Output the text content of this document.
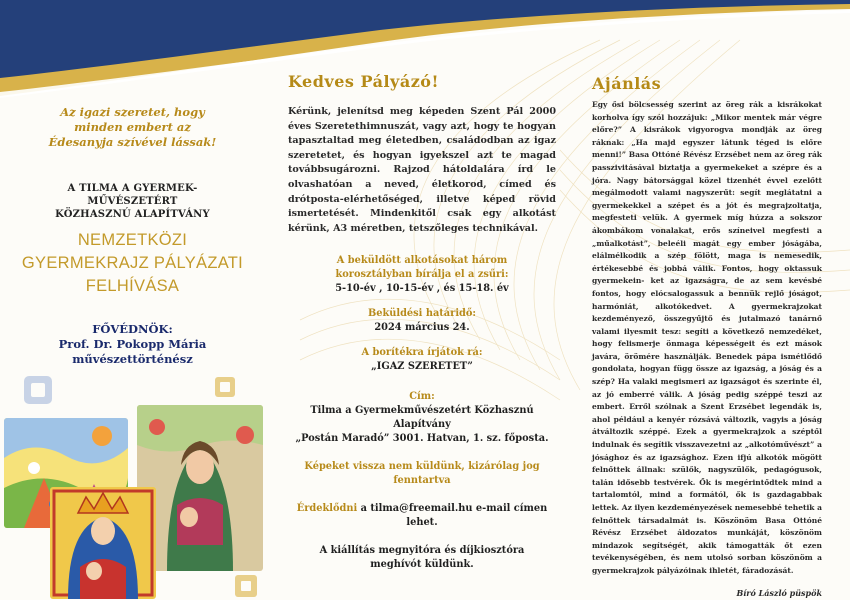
Az igazi szeretet, hogy minden embert az Édesanyja szívével lássak!
A TILMA A GYERMEK-MŰVÉSZETÉRT KÖZHASZNÚ ALAPÍTVÁNY
NEMZETKÖZI GYERMEKRAJZ PÁLYÁZATI FELHÍVÁSA
FŐVÉDNÖK:
Prof. Dr. Pokopp Mária
művészettörténész
Kedves Pályázó!

Kérünk, jelenítsd meg képeden Szent Pál 2000 éves Szeretethimnuszát, vagy azt, hogy te hogyan tapasztaltad meg életedben, családodban az igaz szeretetet, és hogyan igyekszel azt te magad továbbsugározni. Rajzod hátoldalára írd le olvashatóan a neved, életkorod, címed és drótposta-elérhetőséged, illetve képed rövid ismertetését. Mindenkitől csak egy alkotást kérünk, A3 méretben, tetszőleges technikával.

A beküldött alkotásokat három
korosztályban bírálja el a zsűri:
5-10-év , 10-15-év , és 15-18. év
Beküldési határidő:
2024 március 24.
A borítékra írjátok rá:
„IGAZ SZERETET”
Cím:
Tilma a Gyermekművészetért Közhasznú Alapítvány
„Postán Maradó” 3001. Hatvan, 1. sz. főposta.
Képeket vissza nem küldünk, kizárólag jog fenntartva
Érdeklődni a tilma@freemail.hu e-mail címen lehet.
A kiállítás megnyitóra és díjkiosztóra
meghívót küldünk.
Ajánlás

Egy ősi bölcsesség szerint az öreg rák a kisrákokat korholva így szól hozzájuk: „Mikor mentek már végre előre?” A kisrákok vigyorogva mondják az öreg ráknak: „Ha majd egyszer látunk téged is előre menni!” Basa Ottóné Révész Erzsébet nem az öreg rák passzivitásával biztatja a gyermekeket a szépre és a jóra. Nagy bátorsággal közel tizenhét évvel ezelőtt megálmodott valami nagyszerűt: segít meglátatni a gyermekekkel a szépet és a jót és megrajzoltatja, megfesteti velük. A gyermek míg húzza a sokszor ákombákom vonalakat, erős színeivel megfesti a „műalkotást”, beleéli magát egy ember jóságába, elálmélkodik a szép fölött, maga is nemesedik, értékesebbé és jobbá válik. Fontos, hogy oktassuk gyermekein- ket az igazságra, de az sem kevésbé fontos, hogy elócsalogassuk a bennük rejlő jóságot, harmóniát, alkotókedvet. A gyermekrajzokat kezdeményező, összegyűjtő és jutalmazó tanárnő valami ilyesmit tesz: segíti a következő nemzedéket, hogy felismerje önmaga képességeit és ezt mások javára, örömére használják. Benedek pápa ismétlődő gondolata, hogyan függ össze az igazság, a jóság és a szép? Ha valaki megismeri az igazságot és szerinte él, az jó emberré válik. A jóság pedig széppé teszi az embert. Erről szólnak a Szent Erzsébet legendák is, ahol például a kenyér rózsává változik, vagyis a jóság átváltozik széppé. Ezek a gyermekrajzok a széptől indulnak és segítik visszavezetni az „alkotóművészt” a jósághoz és az igazsághoz. Ezen ifjú alkotók mögött felnőttek állnak: szülők, nagyszülők, pedagógusok, talán idősebb testvérek. Ők is megérintődtek mind a tartalomtól, mind a formától, ők is gazdagabbak lettek. Az ilyen kezdeményezések nemesebbé tehetik a felnőttek társadalmát is. Köszönöm Basa Ottóné Révész Erzsébet áldozatos munkáját, köszönöm mindazok segítségét, akik támogatták őt ezen tevékenységében, és nem utolsó sorban köszönöm a gyermekrajzok pályázóinak ihletét, fáradozását.

Bíró László püspök
